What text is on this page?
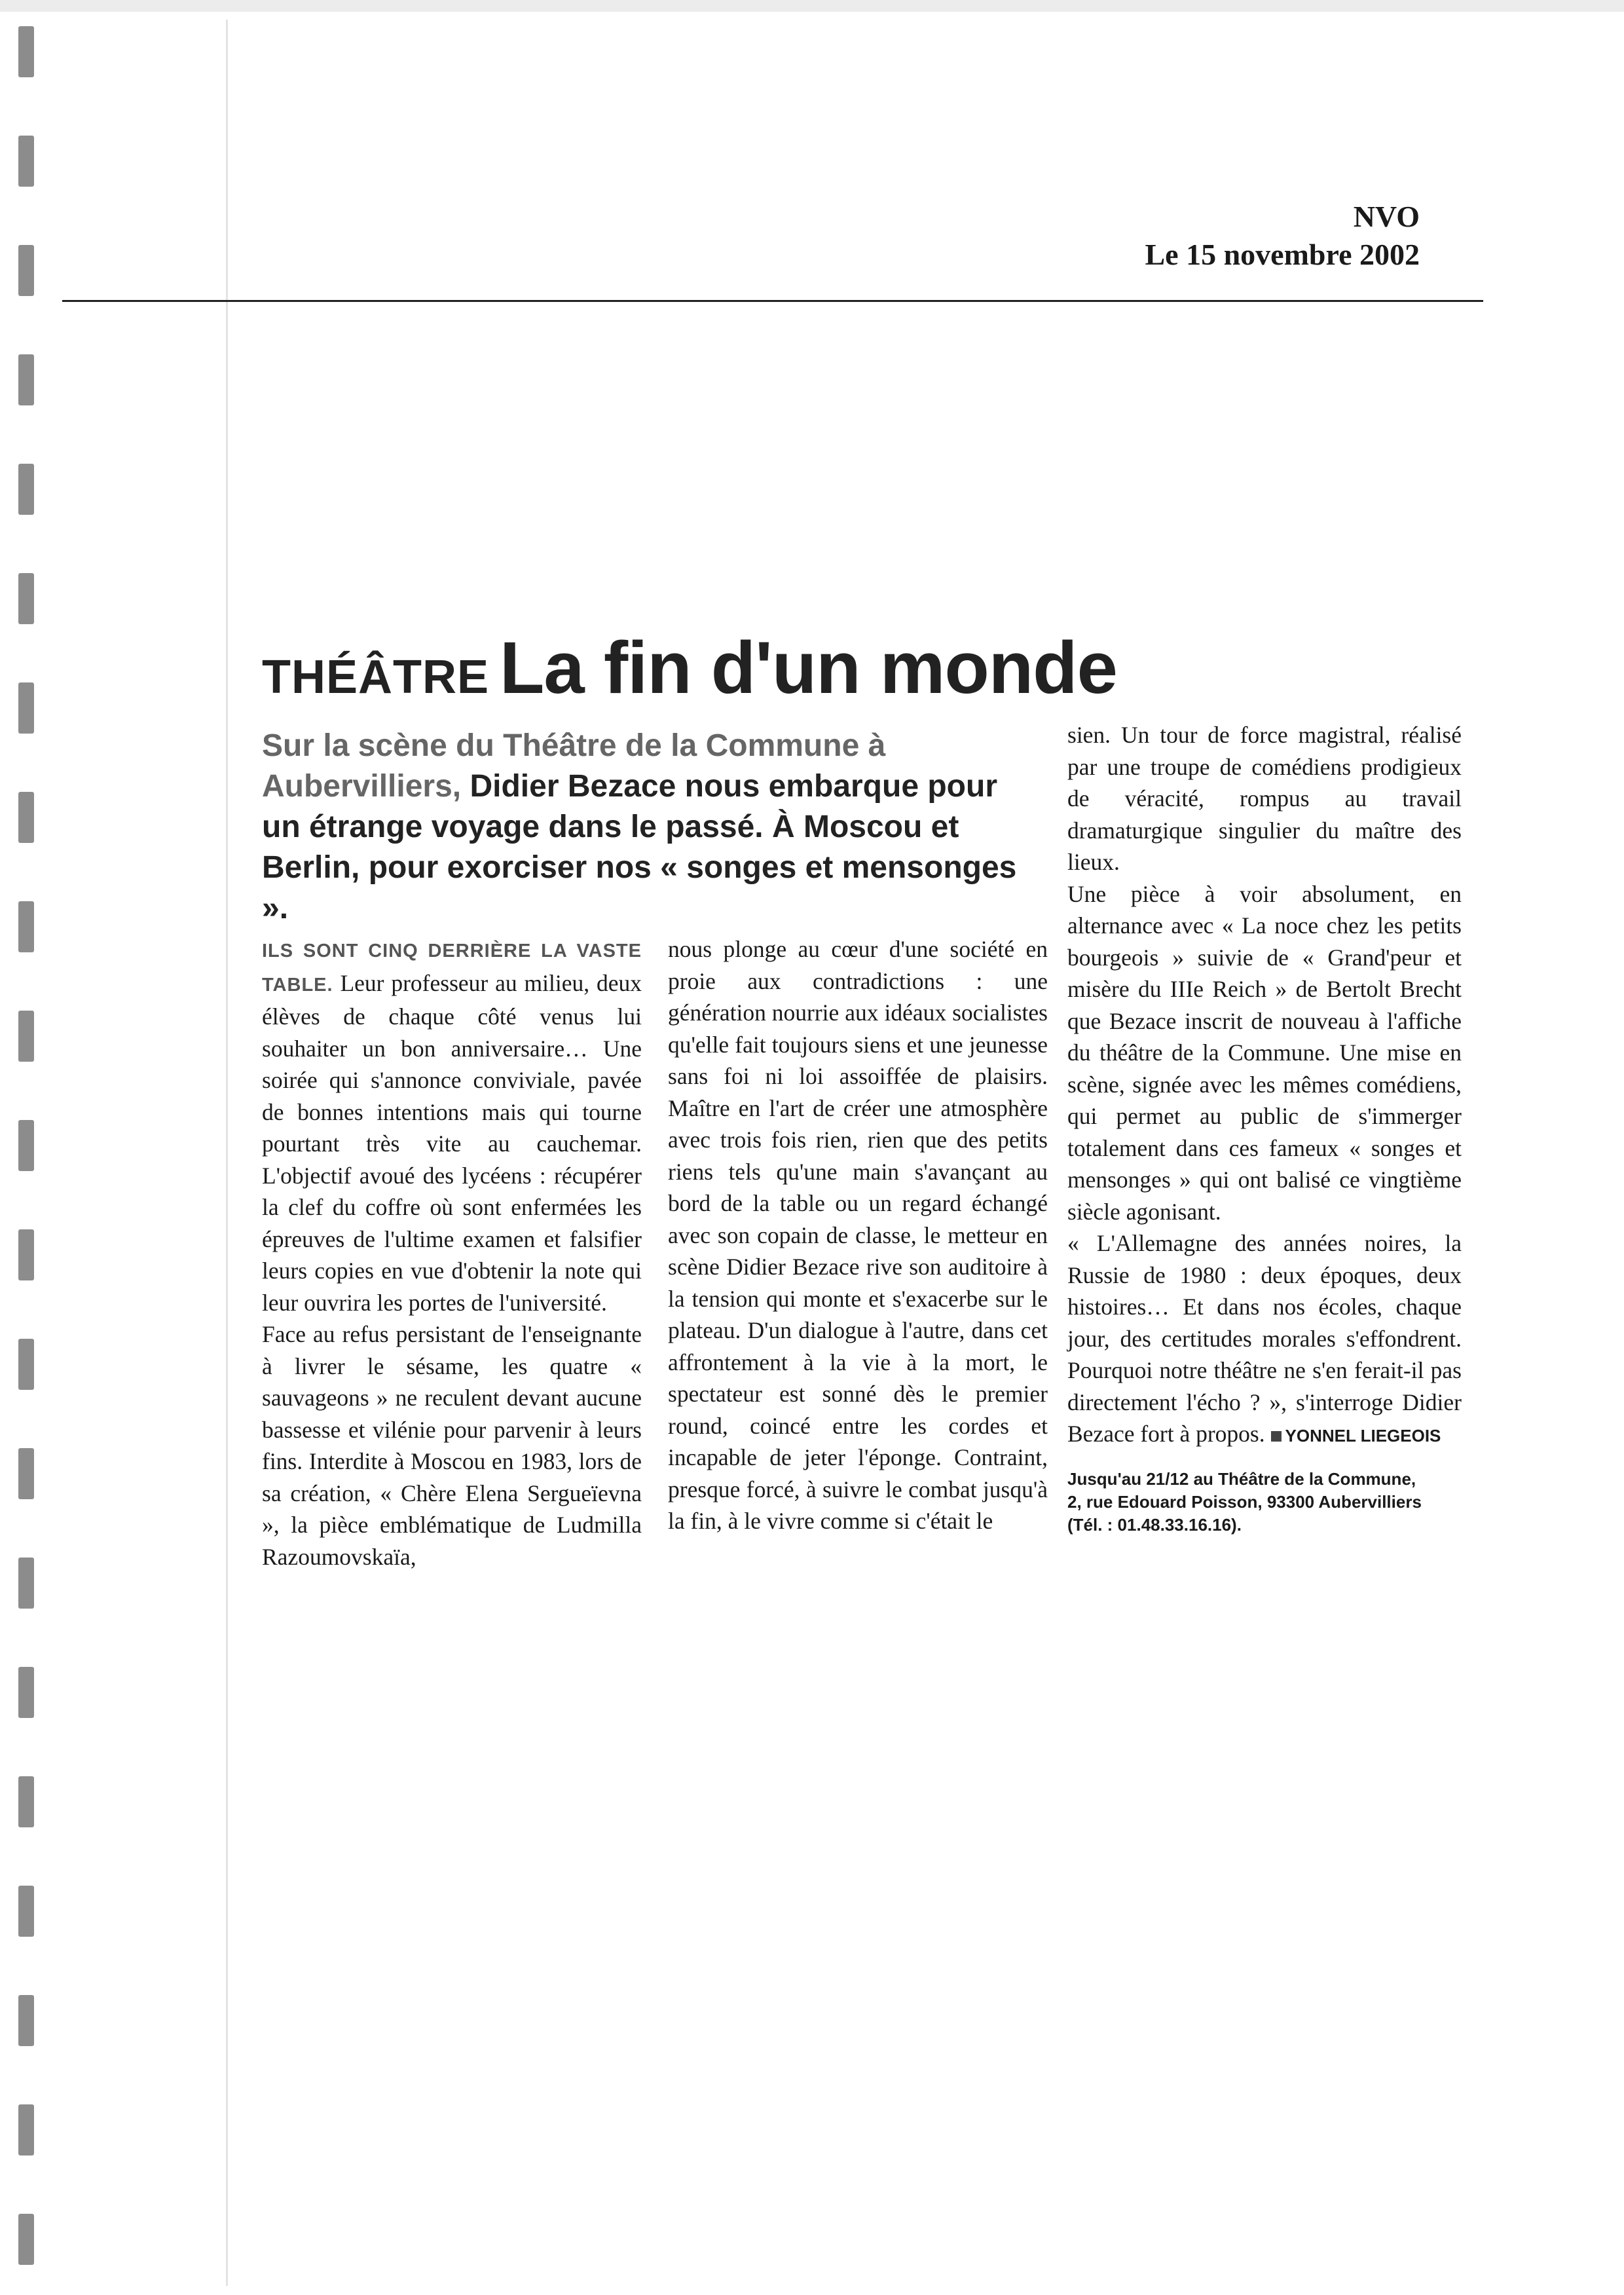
NVO
Le 15 novembre 2002
THÉÂTRE La fin d'un monde
Sur la scène du Théâtre de la Commune à Aubervilliers, Didier Bezace nous embarque pour un étrange voyage dans le passé. À Moscou et Berlin, pour exorciser nos « songes et mensonges ».

ILS SONT CINQ DERRIÈRE LA VASTE TABLE. Leur professeur au milieu, deux élèves de chaque côté venus lui souhaiter un bon anniversaire… Une soirée qui s'annonce conviviale, pavée de bonnes intentions mais qui tourne pourtant très vite au cauchemar. L'objectif avoué des lycéens : récupérer la clef du coffre où sont enfermées les épreuves de l'ultime examen et falsifier leurs copies en vue d'obtenir la note qui leur ouvrira les portes de l'université.

Face au refus persistant de l'enseignante à livrer le sésame, les quatre « sauvageons » ne reculent devant aucune bassesse et vilénie pour parvenir à leurs fins. Interdite à Moscou en 1983, lors de sa création, « Chère Elena Sergueïevna », la pièce emblématique de Ludmilla Razoumovskaïa,

nous plonge au cœur d'une société en proie aux contradictions : une génération nourrie aux idéaux socialistes qu'elle fait toujours siens et une jeunesse sans foi ni loi assoiffée de plaisirs. Maître en l'art de créer une atmosphère avec trois fois rien, rien que des petits riens tels qu'une main s'avançant au bord de la table ou un regard échangé avec son copain de classe, le metteur en scène Didier Bezace rive son auditoire à la tension qui monte et s'exacerbe sur le plateau. D'un dialogue à l'autre, dans cet affrontement à la vie à la mort, le spectateur est sonné dès le premier round, coincé entre les cordes et incapable de jeter l'éponge. Contraint, presque forcé, à suivre le combat jusqu'à la fin, à le vivre comme si c'était le

sien. Un tour de force magistral, réalisé par une troupe de comédiens prodigieux de véracité, rompus au travail dramaturgique singulier du maître des lieux.

Une pièce à voir absolument, en alternance avec « La noce chez les petits bourgeois » suivie de « Grand'peur et misère du IIIe Reich » de Bertolt Brecht que Bezace inscrit de nouveau à l'affiche du théâtre de la Commune. Une mise en scène, signée avec les mêmes comédiens, qui permet au public de s'immerger totalement dans ces fameux « songes et mensonges » qui ont balisé ce vingtième siècle agonisant.

« L'Allemagne des années noires, la Russie de 1980 : deux époques, deux histoires… Et dans nos écoles, chaque jour, des certitudes morales s'effondrent. Pourquoi notre théâtre ne s'en ferait-il pas directement l'écho ? », s'interroge Didier Bezace fort à propos. YONNEL LIEGEOIS

Jusqu'au 21/12 au Théâtre de la Commune,
2, rue Edouard Poisson, 93300 Aubervilliers
(Tél. : 01.48.33.16.16).
